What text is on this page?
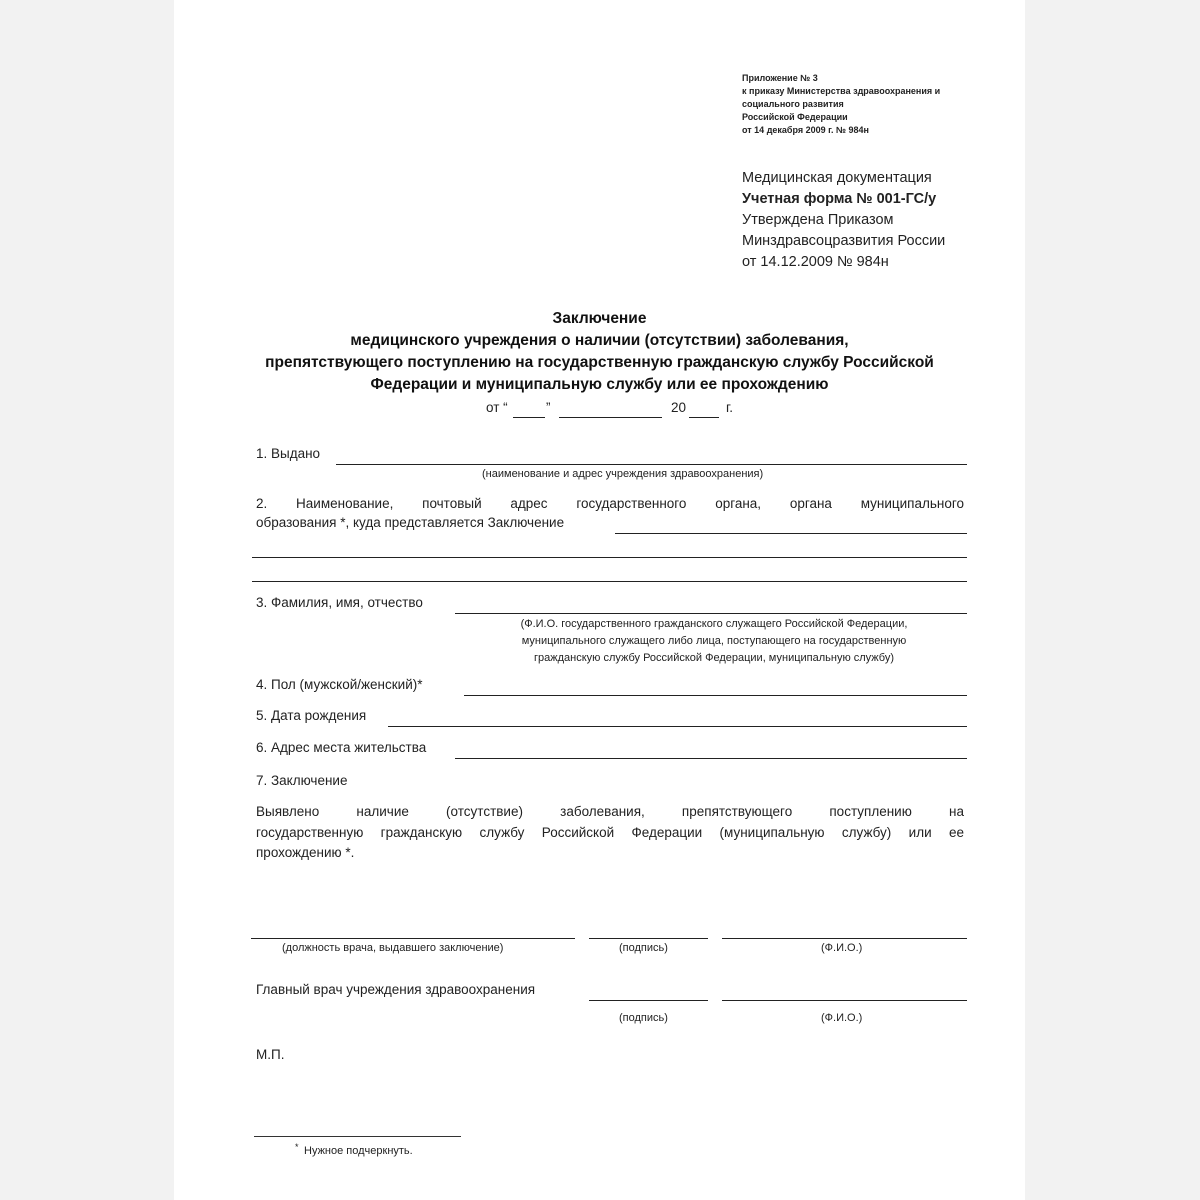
Приложение № 3
к приказу Министерства здравоохранения и
социального развития
Российской Федерации
от 14 декабря 2009 г. № 984н
Медицинская документация
Учетная форма № 001-ГС/у
Утверждена Приказом
Минздравсоцразвития России
от 14.12.2009 № 984н
Заключение
медицинского учреждения о наличии (отсутствии) заболевания,
препятствующего поступлению на государственную гражданскую службу Российской
Федерации и муниципальную службу или ее прохождению
от “	”	20	г.
1. Выдано
(наименование и адрес учреждения здравоохранения)
2. Наименование, почтовый адрес государственного органа, органа муниципального
образования *, куда представляется Заключение
3. Фамилия, имя, отчество
(Ф.И.О. государственного гражданского служащего Российской Федерации,
муниципального служащего либо лица, поступающего на государственную
гражданскую службу Российской Федерации, муниципальную службу)
4. Пол (мужской/женский)*
5. Дата рождения
6. Адрес места жительства
7. Заключение
Выявлено наличие (отсутствие) заболевания, препятствующего поступлению на
государственную гражданскую службу Российской Федерации (муниципальную службу) или ее
прохождению *.
(должность врача, выдавшего заключение)	(подпись)	(Ф.И.О.)
Главный врач учреждения здравоохранения
(подпись)	(Ф.И.О.)
М.П.
* Нужное подчеркнуть.
